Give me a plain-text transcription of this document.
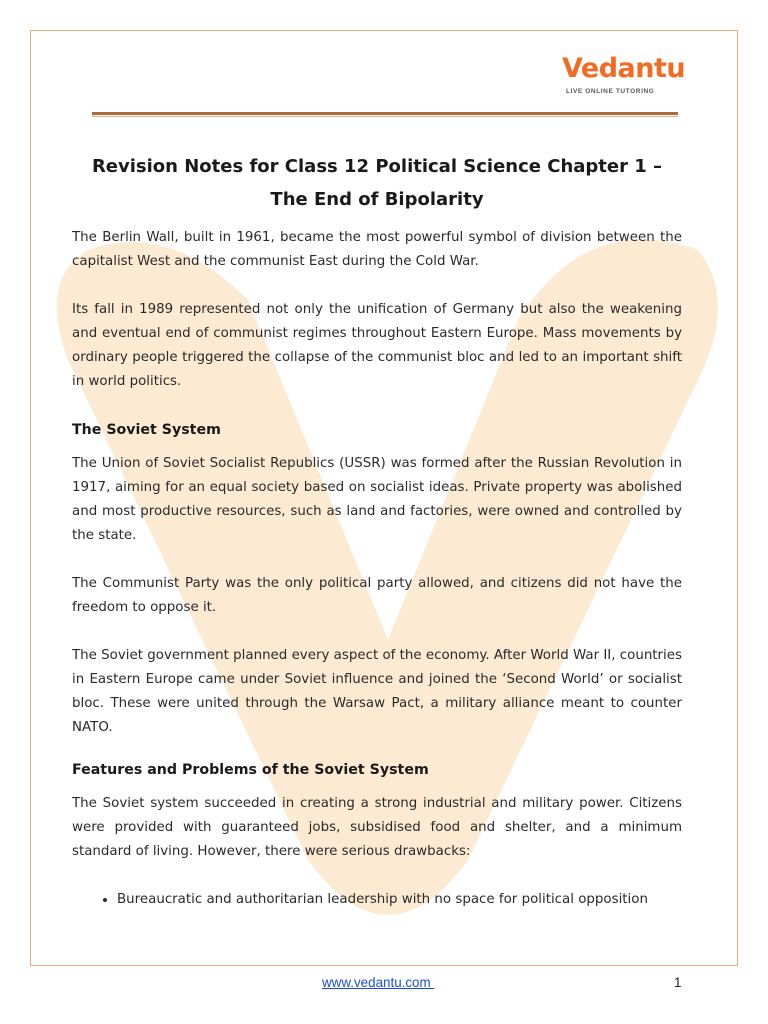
Vedantu
LIVE ONLINE TUTORING
Revision Notes for Class 12 Political Science Chapter 1 – The End of Bipolarity

The Berlin Wall, built in 1961, became the most powerful symbol of division between the capitalist West and the communist East during the Cold War.

Its fall in 1989 represented not only the unification of Germany but also the weakening and eventual end of communist regimes throughout Eastern Europe. Mass movements by ordinary people triggered the collapse of the communist bloc and led to an important shift in world politics.

The Soviet System

The Union of Soviet Socialist Republics (USSR) was formed after the Russian Revolution in 1917, aiming for an equal society based on socialist ideas. Private property was abolished and most productive resources, such as land and factories, were owned and controlled by the state.

The Communist Party was the only political party allowed, and citizens did not have the freedom to oppose it.

The Soviet government planned every aspect of the economy. After World War II, countries in Eastern Europe came under Soviet influence and joined the ‘Second World’ or socialist bloc. These were united through the Warsaw Pact, a military alliance meant to counter NATO.

Features and Problems of the Soviet System

The Soviet system succeeded in creating a strong industrial and military power. Citizens were provided with guaranteed jobs, subsidised food and shelter, and a minimum standard of living. However, there were serious drawbacks:

• Bureaucratic and authoritarian leadership with no space for political opposition
www.vedantu.com	1
